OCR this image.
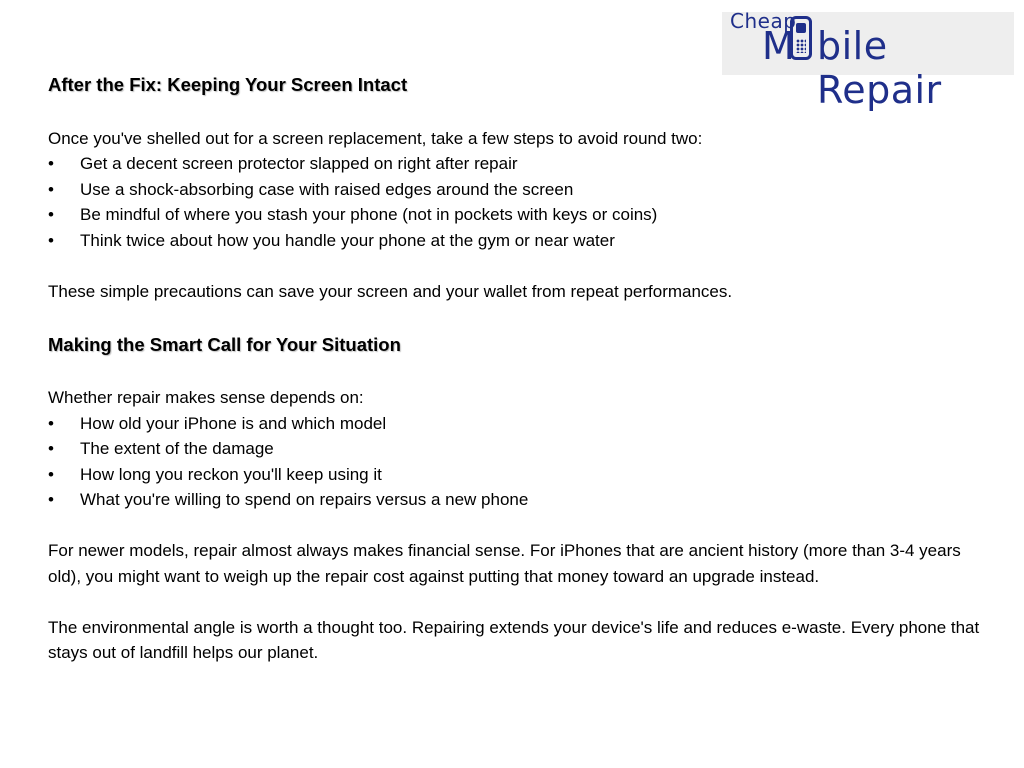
Cheap
M bile Repair
After the Fix: Keeping Your Screen Intact

Once you've shelled out for a screen replacement, take a few steps to avoid round two:

• Get a decent screen protector slapped on right after repair
• Use a shock-absorbing case with raised edges around the screen
• Be mindful of where you stash your phone (not in pockets with keys or coins)
• Think twice about how you handle your phone at the gym or near water

These simple precautions can save your screen and your wallet from repeat performances.

Making the Smart Call for Your Situation

Whether repair makes sense depends on:

• How old your iPhone is and which model
• The extent of the damage
• How long you reckon you'll keep using it
• What you're willing to spend on repairs versus a new phone

For newer models, repair almost always makes financial sense. For iPhones that are ancient history (more than 3-4 years old), you might want to weigh up the repair cost against putting that money toward an upgrade instead.

The environmental angle is worth a thought too. Repairing extends your device's life and reduces e-waste. Every phone that stays out of landfill helps our planet.
